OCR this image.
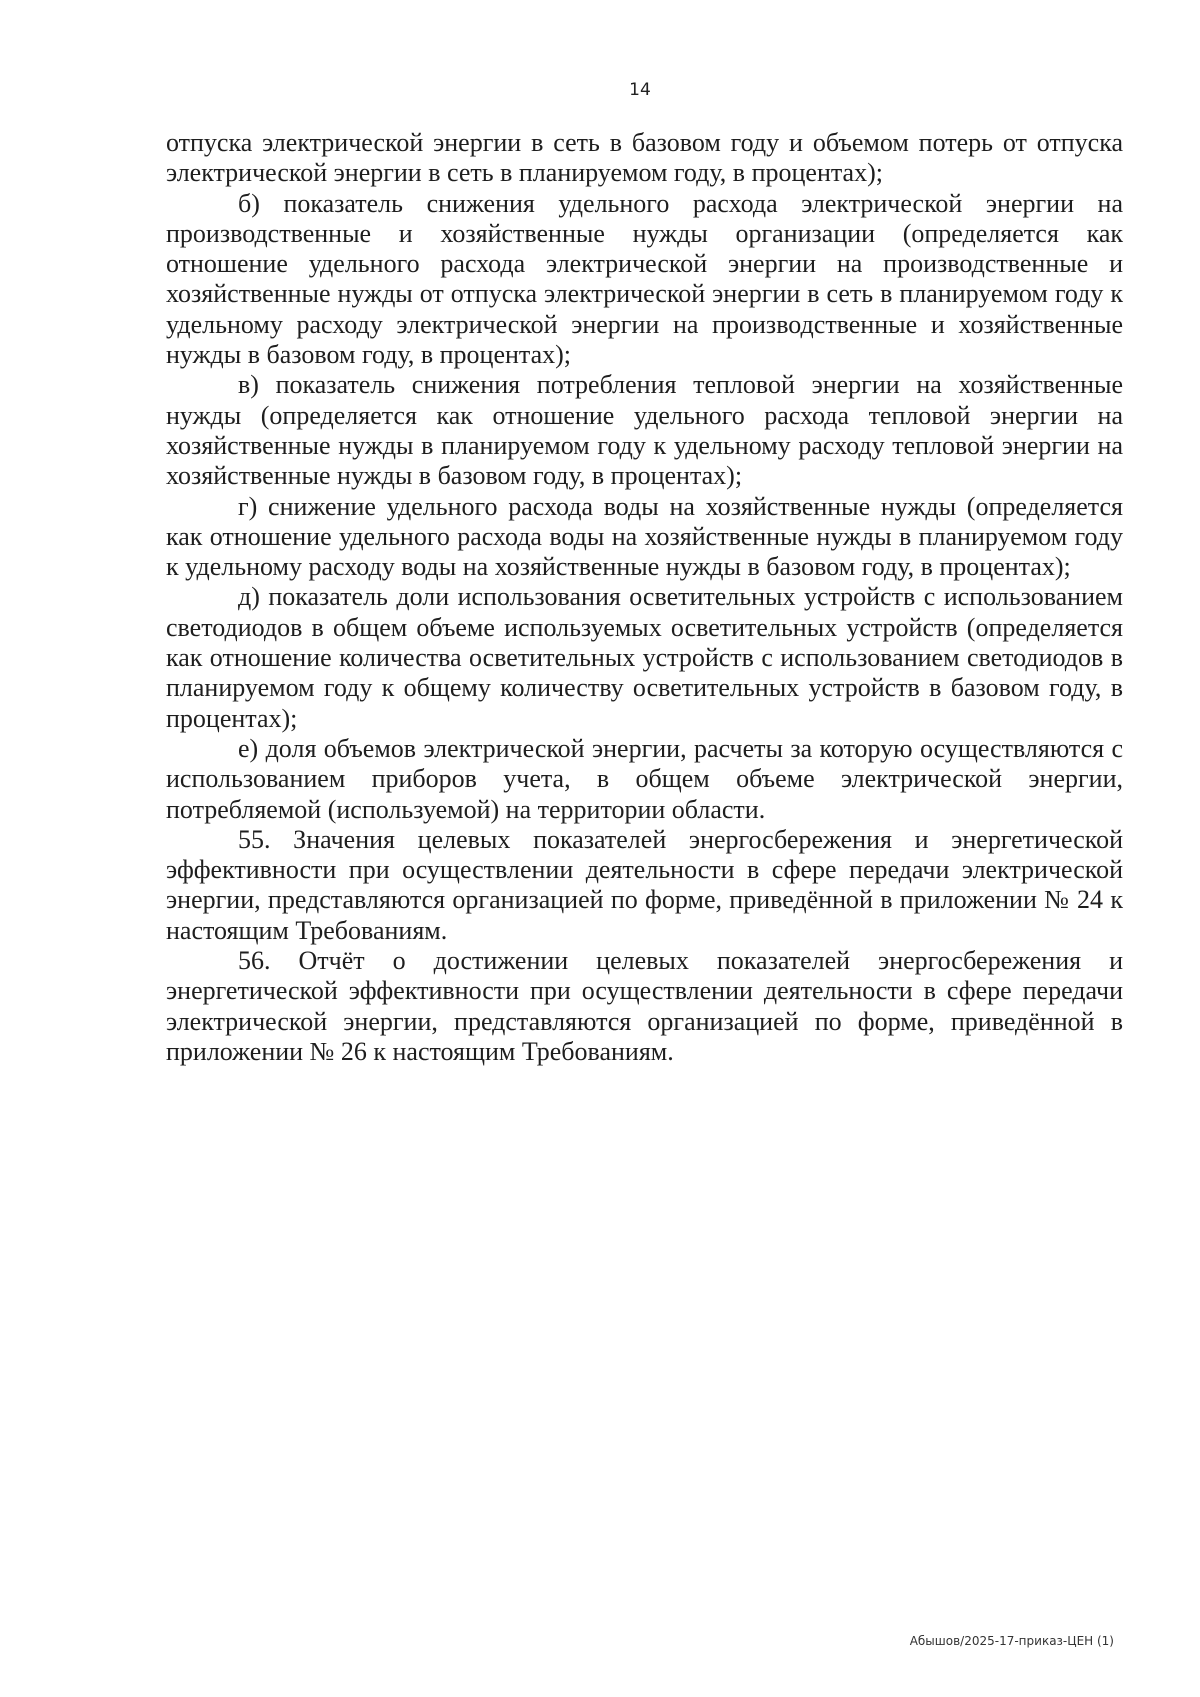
14

отпуска электрической энергии в сеть в базовом году и объемом потерь от отпуска электрической энергии в сеть в планируемом году, в процентах);

б) показатель снижения удельного расхода электрической энергии на производственные и хозяйственные нужды организации (определяется как отношение удельного расхода электрической энергии на производственные и хозяйственные нужды от отпуска электрической энергии в сеть в планируемом году к удельному расходу электрической энергии на производственные и хозяйственные нужды в базовом году, в процентах);

в) показатель снижения потребления тепловой энергии на хозяйственные нужды (определяется как отношение удельного расхода тепловой энергии на хозяйственные нужды в планируемом году к удельному расходу тепловой энергии на хозяйственные нужды в базовом году, в процентах);

г) снижение удельного расхода воды на хозяйственные нужды (определяется как отношение удельного расхода воды на хозяйственные нужды в планируемом году к удельному расходу воды на хозяйственные нужды в базовом году, в процентах);

д) показатель доли использования осветительных устройств с использованием светодиодов в общем объеме используемых осветительных устройств (определяется как отношение количества осветительных устройств с использованием светодиодов в планируемом году к общему количеству осветительных устройств в базовом году, в процентах);

е) доля объемов электрической энергии, расчеты за которую осуществляются с использованием приборов учета, в общем объеме электрической энергии, потребляемой (используемой) на территории области.

55. Значения целевых показателей энергосбережения и энергетической эффективности при осуществлении деятельности в сфере передачи электрической энергии, представляются организацией по форме, приведённой в приложении № 24 к настоящим Требованиям.

56. Отчёт о достижении целевых показателей энергосбережения и энергетической эффективности при осуществлении деятельности в сфере передачи электрической энергии, представляются организацией по форме, приведённой в приложении № 26 к настоящим Требованиям.

Абышов/2025-17-приказ-ЦЕН (1)
